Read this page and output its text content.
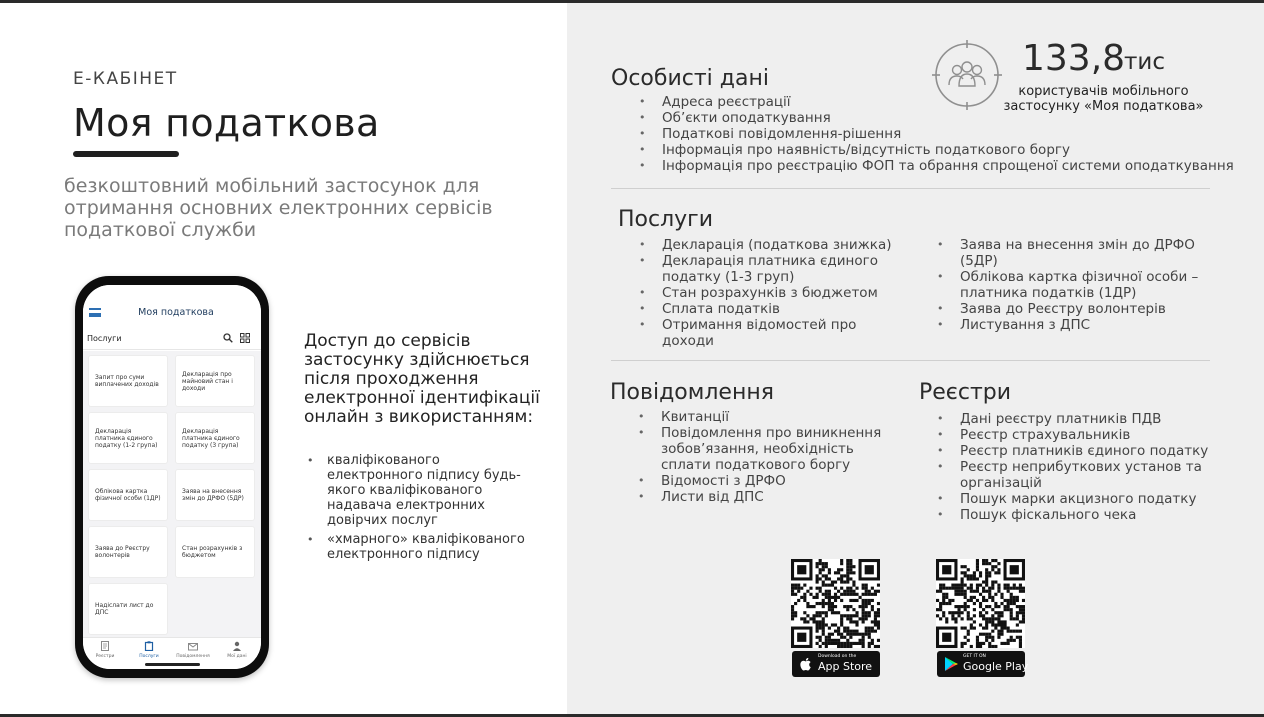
Е-КАБІНЕТ
Моя податкова
безкоштовний мобільний застосунок для отримання основних електронних сервісів податкової служби
Моя податкова
Послуги
Запит про суми виплачених доходів
Декларація про майновий стан і доходи
Декларація платника єдиного податку (1-2 група)
Декларація платника єдиного податку (3 група)
Облікова картка фізичної особи (1ДР)
Заява на внесення змін до ДРФО (5ДР)
Заява до Реєстру волонтерів
Стан розрахунків з бюджетом
Надіслати лист до ДПС
Реєстри	Послуги	Повідомлення	Мої дані
Доступ до сервісів застосунку здійснюється після проходження електронної ідентифікації онлайн з використанням:
• кваліфікованого електронного підпису будь-якого кваліфікованого надавача електронних довірчих послуг
• «хмарного» кваліфікованого електронного підпису
133,8
тис
користувачів мобільного застосунку «Моя податкова»
Особисті дані
• Адреса реєстрації
• Об’єкти оподаткування
• Податкові повідомлення-рішення
• Інформація про наявність/відсутність податкового боргу
• Інформація про реєстрацію ФОП та обрання спрощеної системи оподаткування
Послуги
• Декларація (податкова знижка)
• Декларація платника єдиного податку (1-3 груп)
• Стан розрахунків з бюджетом
• Сплата податків
• Отримання відомостей про доходи
• Заява на внесення змін до ДРФО (5ДР)
• Облікова картка фізичної особи – платника податків (1ДР)
• Заява до Реєстру волонтерів
• Листування з ДПС
Повідомлення
• Квитанції
• Повідомлення про виникнення зобов’язання, необхідність сплати податкового боргу
• Відомості з ДРФО
• Листи від ДПС
Реєстри
• Дані реєстру платників ПДВ
• Реєстр страхувальників
• Реєстр платників єдиного податку
• Реєстр неприбуткових установ та організацій
• Пошук марки акцизного податку
• Пошук фіскального чека
Download on the
App Store
GET IT ON
Google Play
